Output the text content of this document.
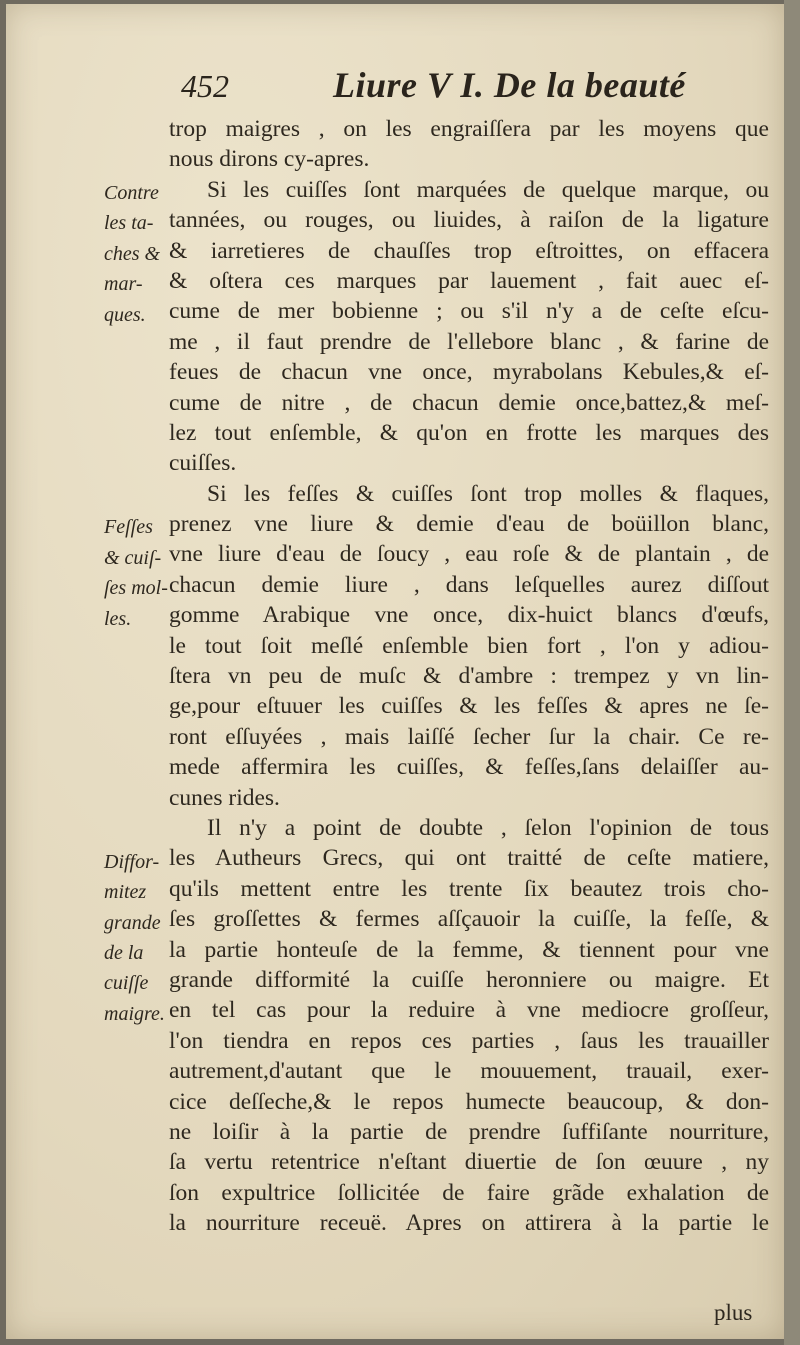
452	Liure V I. De la beauté
trop maigres , on les engraiſſera par les moyens que
nous dirons cy-apres.
Si les cuiſſes ſont marquées de quelque marque, ou
tannées, ou rouges, ou liuides, à raiſon de la ligature
& iarretieres de chauſſes trop eſtroittes, on effacera
& oſtera ces marques par lauement , fait auec eſ-
cume de mer bobienne ; ou s'il n'y a de ceſte eſcu-
me , il faut prendre de l'ellebore blanc , & farine de
feues de chacun vne once, myrabolans Kebules,& eſ-
cume de nitre , de chacun demie once,battez,& meſ-
lez tout enſemble, & qu'on en frotte les marques des
cuiſſes.
Si les feſſes & cuiſſes ſont trop molles & flaques,
prenez vne liure & demie d'eau de boüillon blanc,
vne liure d'eau de ſoucy , eau roſe & de plantain , de
chacun demie liure , dans leſquelles aurez diſſout
gomme Arabique vne once, dix-huict blancs d'œufs,
le tout ſoit meſlé enſemble bien fort , l'on y adiou-
ſtera vn peu de muſc & d'ambre : trempez y vn lin-
ge,pour eſtuuer les cuiſſes & les feſſes & apres ne ſe-
ront eſſuyées , mais laiſſé ſecher ſur la chair. Ce re-
mede affermira les cuiſſes, & feſſes,ſans delaiſſer au-
cunes rides.
Il n'y a point de doubte , ſelon l'opinion de tous
les Autheurs Grecs, qui ont traitté de ceſte matiere,
qu'ils mettent entre les trente ſix beautez trois cho-
ſes groſſettes & fermes aſſçauoir la cuiſſe, la feſſe, &
la partie honteuſe de la femme, & tiennent pour vne
grande difformité la cuiſſe heronniere ou maigre. Et
en tel cas pour la reduire à vne mediocre groſſeur,
l'on tiendra en repos ces parties , ſaus les trauailler
autrement,d'autant que le mouuement, trauail, exer-
cice deſſeche,& le repos humecte beaucoup, & don-
ne loiſir à la partie de prendre ſuffiſante nourriture,
ſa vertu retentrice n'eſtant diuertie de ſon œuure , ny
ſon expultrice ſollicitée de faire grãde exhalation de
la nourriture receuë. Apres on attirera à la partie le
Contre
les ta-
ches &
mar-
ques.
Feſſes
& cuiſ-
ſes mol-
les.
Diffor-
mitez
grande
de la
cuiſſe
maigre.
plus
